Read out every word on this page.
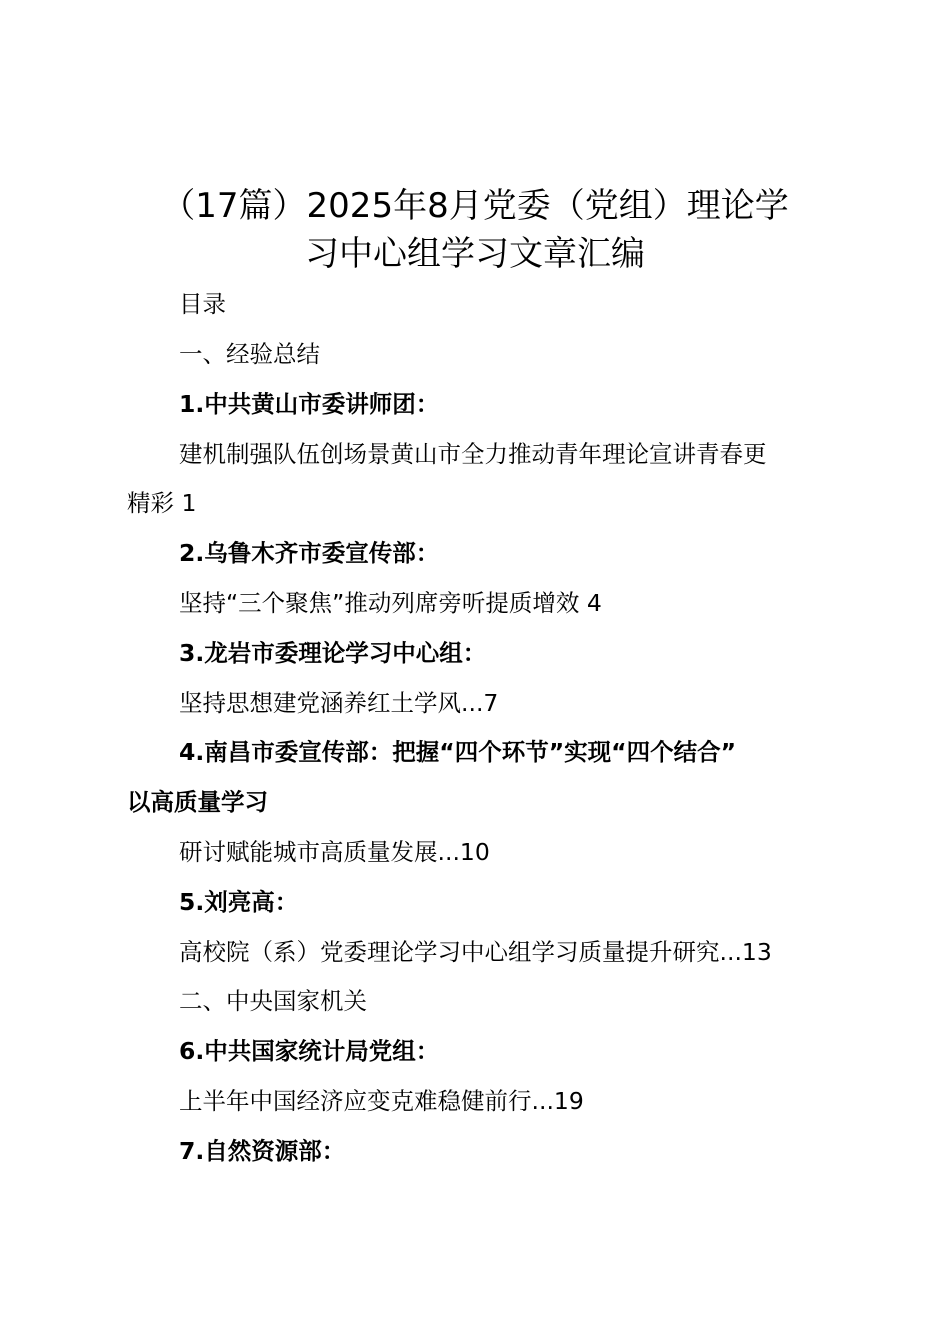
（17篇）2025年8月党委（党组）理论学
习中心组学习文章汇编
目录
一、经验总结
1.中共黄山市委讲师团：
建机制强队伍创场景黄山市全力推动青年理论宣讲青春更
精彩 1
2.乌鲁木齐市委宣传部：
坚持“三个聚焦”推动列席旁听提质增效 4
3.龙岩市委理论学习中心组：
坚持思想建党涵养红土学风...7
4.南昌市委宣传部：把握“四个环节”实现“四个结合”
以高质量学习
研讨赋能城市高质量发展...10
5.刘亮高：
高校院（系）党委理论学习中心组学习质量提升研究...13
二、中央国家机关
6.中共国家统计局党组：
上半年中国经济应变克难稳健前行...19
7.自然资源部：
